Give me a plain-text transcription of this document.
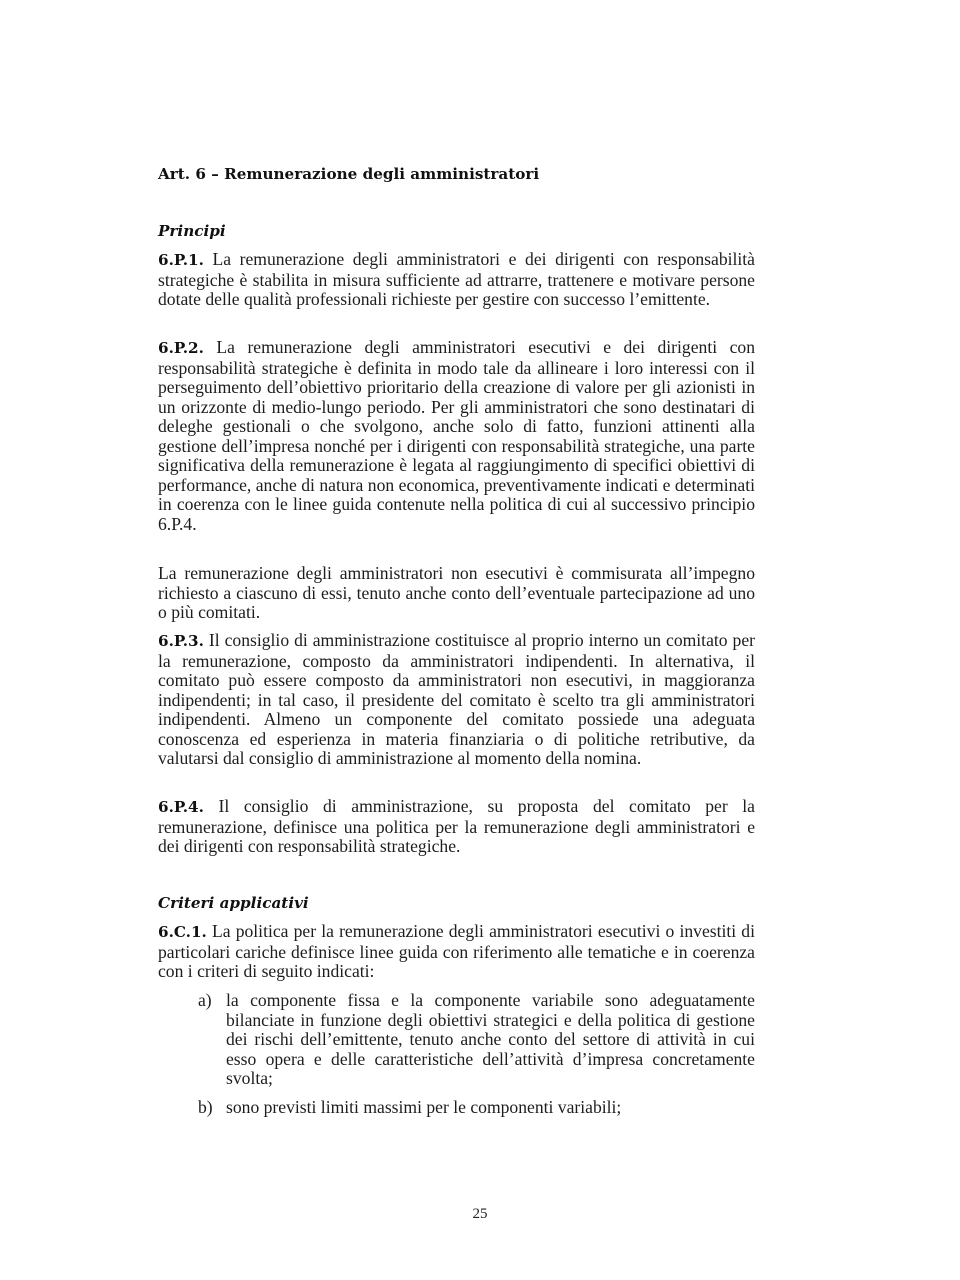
Art. 6 – Remunerazione degli amministratori
Principi
6.P.1. La remunerazione degli amministratori e dei dirigenti con responsabilità strategiche è stabilita in misura sufficiente ad attrarre, trattenere e motivare persone dotate delle qualità professionali richieste per gestire con successo l’emittente.
6.P.2. La remunerazione degli amministratori esecutivi e dei dirigenti con responsabilità strategiche è definita in modo tale da allineare i loro interessi con il perseguimento dell’obiettivo prioritario della creazione di valore per gli azionisti in un orizzonte di medio-lungo periodo. Per gli amministratori che sono destinatari di deleghe gestionali o che svolgono, anche solo di fatto, funzioni attinenti alla gestione dell’impresa nonché per i dirigenti con responsabilità strategiche, una parte significativa della remunerazione è legata al raggiungimento di specifici obiettivi di performance, anche di natura non economica, preventivamente indicati e determinati in coerenza con le linee guida contenute nella politica di cui al successivo principio 6.P.4.
La remunerazione degli amministratori non esecutivi è commisurata all’impegno richiesto a ciascuno di essi, tenuto anche conto dell’eventuale partecipazione ad uno o più comitati.
6.P.3. Il consiglio di amministrazione costituisce al proprio interno un comitato per la remunerazione, composto da amministratori indipendenti. In alternativa, il comitato può essere composto da amministratori non esecutivi, in maggioranza indipendenti; in tal caso, il presidente del comitato è scelto tra gli amministratori indipendenti. Almeno un componente del comitato possiede una adeguata conoscenza ed esperienza in materia finanziaria o di politiche retributive, da valutarsi dal consiglio di amministrazione al momento della nomina.
6.P.4. Il consiglio di amministrazione, su proposta del comitato per la remunerazione, definisce una politica per la remunerazione degli amministratori e dei dirigenti con responsabilità strategiche.
Criteri applicativi
6.C.1. La politica per la remunerazione degli amministratori esecutivi o investiti di particolari cariche definisce linee guida con riferimento alle tematiche e in coerenza con i criteri di seguito indicati:
a) la componente fissa e la componente variabile sono adeguatamente bilanciate in funzione degli obiettivi strategici e della politica di gestione dei rischi dell’emittente, tenuto anche conto del settore di attività in cui esso opera e delle caratteristiche dell’attività d’impresa concretamente svolta;
b) sono previsti limiti massimi per le componenti variabili;
25
